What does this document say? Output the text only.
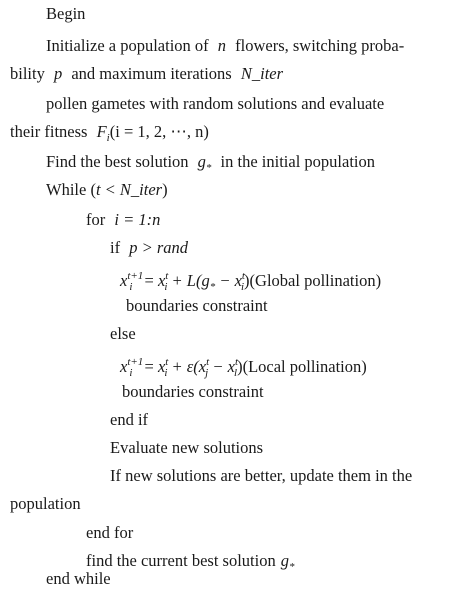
Begin
Initialize a population of n flowers, switching proba-
bility p and maximum iterations N_iter
pollen gametes with random solutions and evaluate
their fitness $F_i(i = 1$, 2, ⋯, n)
Find the best solution $g_*$ in the initial population
While (t < N_iter)
for i = 1:n
if p > rand
$x^{t+1}_i = x^t_i + L(g_*$ − $x^t_i)(Global$ pollination)
boundaries constraint
else
$x^{t+1}_i = x^t_i + \varepsilon(x^t_j$ − $x^t_l)(Local$ pollination)
boundaries constraint
end if
Evaluate new solutions
If new solutions are better, update them in the
population
end for
find the current best solution $g_*$
end while
